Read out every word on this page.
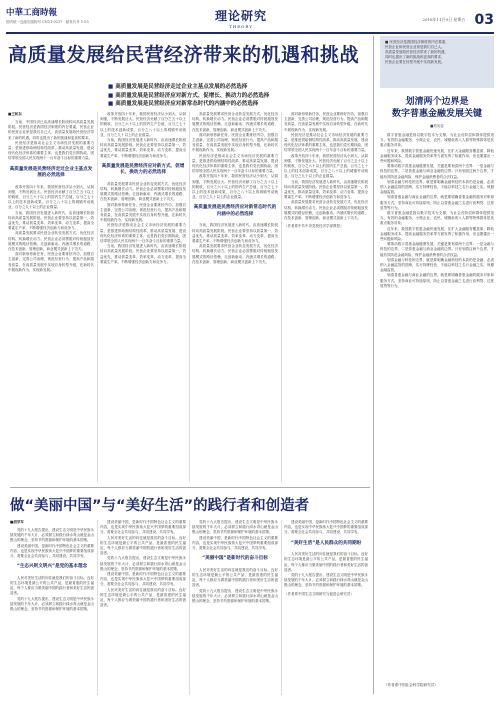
中華工商時報
国内统一连续出版物号 CN11-0217 · 邮发代号 1-55	理论研究
THEORY
2018年11月9日 星期五 03
高质量发展给民营经济带来的机遇和挑战
■ 高质量发展是民营经济走过企业主基点发展的必然选择
■ 高质量发展是民营经济应对新方式、促增长、换动力的必然选择
■ 高质量发展是民营经济应对新常态时代的内涵中的必然选择
■王和东

当前，中国经济已由高速增长阶段转向高质量发展阶段。民营经济是我国经济制度的内在要素，民营企业和民营企业家是我们自己人，高质量发展给民营经济带来了新的机遇，同时也提出了新的挑战和更高的要求。

民营经济是推动社会主义市场经济发展的重要力量，是推进供给侧结构性改革、推动高质量发展、建设现代化经济体系的重要主体，也是我们党长期执政、团结带领全国人民实现两个一百年奋斗目标的重要力量。

高质量发展是民营经济走过企业主基点发展的必然选择

改革开放四十年来，我国民营经济从小到大、从弱到强，不断发展壮大。民营经济贡献了百分之五十以上的税收，百分之六十以上的国内生产总值，百分之七十以上的技术创新成果，百分之八十以上的城镇劳动就业，百分之九十以上的企业数量。

当前，我国经济发展进入新时代，由高速增长阶段转向高质量发展阶段。民营企业要坚持以质量第一、效益优先，推动质量变革、效率变革、动力变革，提高全要素生产率，不断增强经济创新力和竞争力。

高质量发展要求民营企业转变发展方式、优化经济结构、转换增长动力。民营企业必须摆脱对传统粗放发展模式的路径依赖，走创新驱动、内涵式增长的道路，在技术创新、管理创新、商业模式创新上下功夫。

面对新形势新任务，民营企业要练好内功，加强自主创新，完善公司治理，规范经营行为，提高产品和服务质量，在高质量发展中实现自身转型升级，在新时代中展现新作为、实现新发展。

改革开放四十年来，我国民营经济从小到大、从弱到强，不断发展壮大。民营经济贡献了百分之五十以上的税收，百分之六十以上的国内生产总值，百分之七十以上的技术创新成果，百分之八十以上的城镇劳动就业，百分之九十以上的企业数量。

当前，我国经济发展进入新时代，由高速增长阶段转向高质量发展阶段。民营企业要坚持以质量第一、效益优先，推动质量变革、效率变革、动力变革，提高全要素生产率，不断增强经济创新力和竞争力。

高质量发展是民营经济应对新方式、促增长、换动力的必然选择

高质量发展要求民营企业转变发展方式、优化经济结构、转换增长动力。民营企业必须摆脱对传统粗放发展模式的路径依赖，走创新驱动、内涵式增长的道路，在技术创新、管理创新、商业模式创新上下功夫。

面对新形势新任务，民营企业要练好内功，加强自主创新，完善公司治理，规范经营行为，提高产品和服务质量，在高质量发展中实现自身转型升级，在新时代中展现新作为、实现新发展。

民营经济是推动社会主义市场经济发展的重要力量，是推进供给侧结构性改革、推动高质量发展、建设现代化经济体系的重要主体，也是我们党长期执政、团结带领全国人民实现两个一百年奋斗目标的重要力量。

当前，我国经济发展进入新时代，由高速增长阶段转向高质量发展阶段。民营企业要坚持以质量第一、效益优先，推动质量变革、效率变革、动力变革，提高全要素生产率，不断增强经济创新力和竞争力。

高质量发展要求民营企业转变发展方式、优化经济结构、转换增长动力。民营企业必须摆脱对传统粗放发展模式的路径依赖，走创新驱动、内涵式增长的道路，在技术创新、管理创新、商业模式创新上下功夫。

面对新形势新任务，民营企业要练好内功，加强自主创新，完善公司治理，规范经营行为，提高产品和服务质量，在高质量发展中实现自身转型升级，在新时代中展现新作为、实现新发展。

民营经济是推动社会主义市场经济发展的重要力量，是推进供给侧结构性改革、推动高质量发展、建设现代化经济体系的重要主体，也是我们党长期执政、团结带领全国人民实现两个一百年奋斗目标的重要力量。

改革开放四十年来，我国民营经济从小到大、从弱到强，不断发展壮大。民营经济贡献了百分之五十以上的税收，百分之六十以上的国内生产总值，百分之七十以上的技术创新成果，百分之八十以上的城镇劳动就业，百分之九十以上的企业数量。

高质量发展是民营经济应对新常态时代的内涵中的必然选择

当前，我国经济发展进入新时代，由高速增长阶段转向高质量发展阶段。民营企业要坚持以质量第一、效益优先，推动质量变革、效率变革、动力变革，提高全要素生产率，不断增强经济创新力和竞争力。

高质量发展要求民营企业转变发展方式、优化经济结构、转换增长动力。民营企业必须摆脱对传统粗放发展模式的路径依赖，走创新驱动、内涵式增长的道路，在技术创新、管理创新、商业模式创新上下功夫。

面对新形势新任务，民营企业要练好内功，加强自主创新，完善公司治理，规范经营行为，提高产品和服务质量，在高质量发展中实现自身转型升级，在新时代中展现新作为、实现新发展。

民营经济是推动社会主义市场经济发展的重要力量，是推进供给侧结构性改革、推动高质量发展、建设现代化经济体系的重要主体，也是我们党长期执政、团结带领全国人民实现两个一百年奋斗目标的重要力量。

改革开放四十年来，我国民营经济从小到大、从弱到强，不断发展壮大。民营经济贡献了百分之五十以上的税收，百分之六十以上的国内生产总值，百分之七十以上的技术创新成果，百分之八十以上的城镇劳动就业，百分之九十以上的企业数量。

当前，我国经济发展进入新时代，由高速增长阶段转向高质量发展阶段。民营企业要坚持以质量第一、效益优先，推动质量变革、效率变革、动力变革，提高全要素生产率，不断增强经济创新力和竞争力。

高质量发展要求民营企业转变发展方式、优化经济结构、转换增长动力。民营企业必须摆脱对传统粗放发展模式的路径依赖，走创新驱动、内涵式增长的道路，在技术创新、管理创新、商业模式创新上下功夫。

（作者系中共中央党校经济学部教授）
■ 民营经济是我国经济制度的内在要素，
民营企业和民营企业家是我们自己人。
高质量发展给民营经济带来了新的机遇，
同时也提出了新的挑战和更高的要求，
民营企业要在转型升级中实现新发展。
划清两个边界是
数字普惠金融发展关键
■易宪容

数字普惠金融是指以数字技术为支撑，为社会各阶层和群体提供适当、有效的金融服务，小微企业、农民、城镇低收入人群等特殊群体是其重点服务对象。

近年来，我国数字普惠金融快速发展，在扩大金融服务覆盖面、降低金融服务成本、提高金融服务效率等方面发挥了积极作用，但也暴露出一些问题和风险。

要推动数字普惠金融健康发展，关键是要划清两个边界：一是金融与科技的边界，二是普惠金融与商业金融的边界。只有划清这两个边界，才能有效防范金融风险，保护金融消费者的合法权益。

划清金融与科技的边界，就是要明确金融科技的本质仍是金融，必须纳入金融监管的范畴，实行持牌经营，不能以科技之名行金融之实，规避金融监管。

划清普惠金融与商业金融的边界，就是要明确普惠金融的服务对象和服务方式，坚持商业可持续原则，防止以普惠金融之名进行高利贷、过度放贷等行为。

数字普惠金融是指以数字技术为支撑，为社会各阶层和群体提供适当、有效的金融服务，小微企业、农民、城镇低收入人群等特殊群体是其重点服务对象。

近年来，我国数字普惠金融快速发展，在扩大金融服务覆盖面、降低金融服务成本、提高金融服务效率等方面发挥了积极作用，但也暴露出一些问题和风险。

要推动数字普惠金融健康发展，关键是要划清两个边界：一是金融与科技的边界，二是普惠金融与商业金融的边界。只有划清这两个边界，才能有效防范金融风险，保护金融消费者的合法权益。

划清金融与科技的边界，就是要明确金融科技的本质仍是金融，必须纳入金融监管的范畴，实行持牌经营，不能以科技之名行金融之实，规避金融监管。

划清普惠金融与商业金融的边界，就是要明确普惠金融的服务对象和服务方式，坚持商业可持续原则，防止以普惠金融之名进行高利贷、过度放贷等行为。

（作者系中国社会科学院研究员）
做“美丽中国”与“美好生活”的践行者和创造者
■胡学军

党的十九大报告提出，建设生态文明是中华民族永续发展的千年大计，必须树立和践行绿水青山就是金山银山的理念，坚持节约资源和保护环境的基本国策。

建设美丽中国，是新时代中国特色社会主义的重要内容，也是实现中华民族伟大复兴中国梦的重要组成部分，需要全社会共同参与、共同建设、共同享有。

“生态兴则文明兴”是党的基本理念

人民对美好生活的向往就是我们的奋斗目标。良好的生态环境是最公平的公共产品，是最普惠的民生福祉，每个人都应当做美丽中国的践行者和美好生活的创造者。

党的十九大报告提出，建设生态文明是中华民族永续发展的千年大计，必须树立和践行绿水青山就是金山银山的理念，坚持节约资源和保护环境的基本国策。

建设美丽中国，是新时代中国特色社会主义的重要内容，也是实现中华民族伟大复兴中国梦的重要组成部分，需要全社会共同参与、共同建设、共同享有。

人民对美好生活的向往就是我们的奋斗目标。良好的生态环境是最公平的公共产品，是最普惠的民生福祉，每个人都应当做美丽中国的践行者和美好生活的创造者。

党的十九大报告提出，建设生态文明是中华民族永续发展的千年大计，必须树立和践行绿水青山就是金山银山的理念，坚持节约资源和保护环境的基本国策。

建设美丽中国，是新时代中国特色社会主义的重要内容，也是实现中华民族伟大复兴中国梦的重要组成部分，需要全社会共同参与、共同建设、共同享有。

人民对美好生活的向往就是我们的奋斗目标。良好的生态环境是最公平的公共产品，是最普惠的民生福祉，每个人都应当做美丽中国的践行者和美好生活的创造者。

党的十九大报告提出，建设生态文明是中华民族永续发展的千年大计，必须树立和践行绿水青山就是金山银山的理念，坚持节约资源和保护环境的基本国策。

建设美丽中国，是新时代中国特色社会主义的重要内容，也是实现中华民族伟大复兴中国梦的重要组成部分，需要全社会共同参与、共同建设、共同享有。

“美丽中国”是新时代的奋斗目标

人民对美好生活的向往就是我们的奋斗目标。良好的生态环境是最公平的公共产品，是最普惠的民生福祉，每个人都应当做美丽中国的践行者和美好生活的创造者。

党的十九大报告提出，建设生态文明是中华民族永续发展的千年大计，必须树立和践行绿水青山就是金山银山的理念，坚持节约资源和保护环境的基本国策。

建设美丽中国，是新时代中国特色社会主义的重要内容，也是实现中华民族伟大复兴中国梦的重要组成部分，需要全社会共同参与、共同建设、共同享有。

“美好生活”是人民群众的共同期盼

人民对美好生活的向往就是我们的奋斗目标。良好的生态环境是最公平的公共产品，是最普惠的民生福祉，每个人都应当做美丽中国的践行者和美好生活的创造者。

党的十九大报告提出，建设生态文明是中华民族永续发展的千年大计，必须树立和践行绿水青山就是金山银山的理念，坚持节约资源和保护环境的基本国策。

（作者系中国生态文明研究与促进会研究员）
